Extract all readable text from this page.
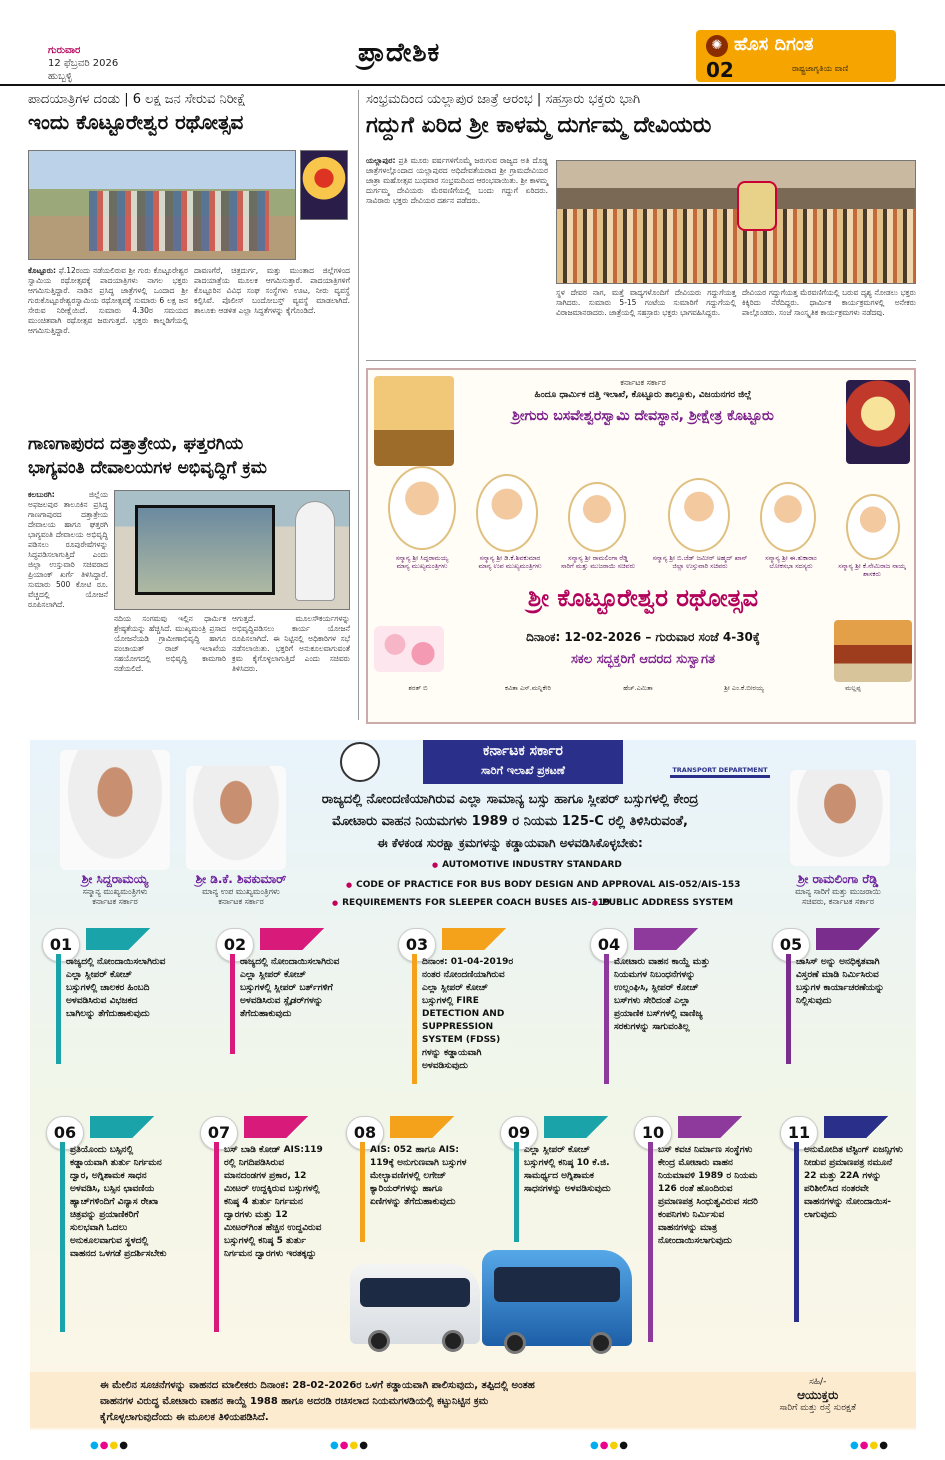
ಗುರುವಾರ
12 ಫೆಬ್ರವರಿ 2026
ಹುಬ್ಬಳ್ಳಿ
ಪ್ರಾದೇಶಿಕ	✺ ಹೊಸ ದಿಗಂತ
02	ರಾಷ್ಟ್ರಜಾಗೃತಿಯ ವಾಣಿ
ಪಾದಯಾತ್ರಿಗಳ ದಂಡು | 6 ಲಕ್ಷ ಜನ ಸೇರುವ ನಿರೀಕ್ಷೆ
ಇಂದು ಕೊಟ್ಟೂರೇಶ್ವರ ರಥೋತ್ಸವ
ಕೊಟ್ಟೂರು: ಫೆ.12ರಂದು ನಡೆಯಲಿರುವ ಶ್ರೀ ಗುರು ಕೊಟ್ಟೂರೇಶ್ವರ ಸ್ವಾಮಿಯ ರಥೋತ್ಸವಕ್ಕೆ ಪಾದಯಾತ್ರಿಗಳು ನಾಗಲ ಭಕ್ತರು ಆಗಮಿಸುತ್ತಿದ್ದಾರೆ. ನಾಡಿನ ಪ್ರಸಿದ್ಧ ಜಾತ್ರೆಗಳಲ್ಲಿ ಒಂದಾದ ಶ್ರೀ ಗುರುಕೊಟ್ಟೂರೇಶ್ವರಸ್ವಾಮಿಯ ರಥೋತ್ಸವಕ್ಕೆ ಸುಮಾರು 6 ಲಕ್ಷ ಜನ ಸೇರುವ ನಿರೀಕ್ಷೆಯಿದೆ. ಸುಮಾರು 4.30ರ ಸಮಯದ ಮುಂಚಿತವಾಗಿ ರಥೋತ್ಸವ ಜರುಗುತ್ತದೆ. ಭಕ್ತರು ಕಾಲ್ನಡಿಗೆಯಲ್ಲಿ ಆಗಮಿಸುತ್ತಿದ್ದಾರೆ.
ದಾವಣಗೆರೆ, ಚಿತ್ರದುರ್ಗ, ಮತ್ತು ಮುಂತಾದ ಜಿಲ್ಲೆಗಳಿಂದ ಪಾದಯಾತ್ರೆಯ ಮೂಲಕ ಆಗಮಿಸುತ್ತಾರೆ. ಪಾದಯಾತ್ರಿಗಳಿಗೆ ಕೊಟ್ಟೂರಿನ ವಿವಿಧ ಸಂಘ ಸಂಸ್ಥೆಗಳು ಊಟ, ನೀರು ವ್ಯವಸ್ಥೆ ಕಲ್ಪಿಸಿವೆ. ಪೊಲೀಸ್ ಬಂದೋಬಸ್ತ್ ವ್ಯವಸ್ಥೆ ಮಾಡಲಾಗಿದೆ. ತಾಲೂಕು ಆಡಳಿತ ಎಲ್ಲಾ ಸಿದ್ಧತೆಗಳನ್ನು ಕೈಗೊಂಡಿದೆ.
ಸಂಭ್ರಮದಿಂದ ಯಲ್ಲಾಪುರ ಜಾತ್ರೆ ಆರಂಭ | ಸಹಸ್ರಾರು ಭಕ್ತರು ಭಾಗಿ
ಗದ್ದುಗೆ ಏರಿದ ಶ್ರೀ ಕಾಳಮ್ಮ ದುರ್ಗಮ್ಮ ದೇವಿಯರು
ಯಲ್ಲಾಪುರ: ಪ್ರತಿ ಮೂರು ವರ್ಷಗಳಿಗೊಮ್ಮೆ ಜರುಗುವ ರಾಜ್ಯದ ಅತಿ ದೊಡ್ಡ ಜಾತ್ರೆಗಳಲ್ಲೊಂದಾದ ಯಲ್ಲಾಪುರದ ಅಧಿದೇವತೆಯರಾದ ಶ್ರೀ ಗ್ರಾಮದೇವಿಯರ ಜಾತ್ರಾ ಮಹೋತ್ಸವ ಬುಧವಾರ ಸಂಭ್ರಮದಿಂದ ಆರಂಭವಾಯಿತು. ಶ್ರೀ ಕಾಳಮ್ಮ ದುರ್ಗಮ್ಮ ದೇವಿಯರು ಮೆರವಣಿಗೆಯಲ್ಲಿ ಬಂದು ಗದ್ದುಗೆ ಏರಿದರು. ಸಾವಿರಾರು ಭಕ್ತರು ದೇವಿಯರ ದರ್ಶನ ಪಡೆದರು.
ಸ್ಥಳ ದೇವರ ನಾಗ, ಮತ್ತೆ ವಾದ್ಯಗಳೊಂದಿಗೆ ದೇವಿಯರು ಗದ್ದುಗೆಯತ್ತ ಸಾಗಿದರು. ಸುಮಾರು 5-15 ಗಂಟೆಯ ಸುಮಾರಿಗೆ ಗದ್ದುಗೆಯಲ್ಲಿ ವಿರಾಜಮಾನರಾದರು. ಜಾತ್ರೆಯಲ್ಲಿ ಸಹಸ್ರಾರು ಭಕ್ತರು ಭಾಗವಹಿಸಿದ್ದರು.
ದೇವಿಯರ ಗದ್ದುಗೆಯತ್ತ ಮೆರವಣಿಗೆಯಲ್ಲಿ ಬರುವ ದೃಶ್ಯ ನೋಡಲು ಭಕ್ತರು ಕಿಕ್ಕಿರಿದು ನೆರೆದಿದ್ದರು. ಧಾರ್ಮಿಕ ಕಾರ್ಯಕ್ರಮಗಳಲ್ಲಿ ಅನೇಕರು ಪಾಲ್ಗೊಂಡರು. ಸಂಜೆ ಸಾಂಸ್ಕೃತಿಕ ಕಾರ್ಯಕ್ರಮಗಳು ನಡೆದವು.
ಗಾಣಗಾಪುರದ ದತ್ತಾತ್ರೇಯ, ಘತ್ತರಗಿಯ
ಭಾಗ್ಯವಂತಿ ದೇವಾಲಯಗಳ ಅಭಿವೃದ್ಧಿಗೆ ಕ್ರಮ
ಕಲಬುರಗಿ:	ಜಿಲ್ಲೆಯ ಅಫಜಲಪುರ ತಾಲೂಕಿನ ಪ್ರಸಿದ್ಧ ಗಾಣಗಾಪುರದ ದತ್ತಾತ್ರೇಯ ದೇವಾಲಯ ಹಾಗೂ ಘತ್ತರಗಿ ಭಾಗ್ಯವಂತಿ ದೇವಾಲಯ ಅಭಿವೃದ್ಧಿ ಪಡಿಸಲು ರೂಪುರೇಷೆಗಳನ್ನು ಸಿದ್ಧಪಡಿಸಲಾಗುತ್ತಿದೆ ಎಂದು ಜಿಲ್ಲಾ ಉಸ್ತುವಾರಿ ಸಚಿವರಾದ ಪ್ರಿಯಾಂಕ್ ಖರ್ಗೆ ತಿಳಿಸಿದ್ದಾರೆ. ಸುಮಾರು 500 ಕೋಟಿ ರೂ. ವೆಚ್ಚದಲ್ಲಿ ಯೋಜನೆ ರೂಪಿಸಲಾಗಿದೆ.
ನದಿಯ ಸಂಗಮವು ಇಲ್ಲಿನ ಧಾರ್ಮಿಕ ಶ್ರೇಷ್ಠತೆಯನ್ನು ಹೆಚ್ಚಿಸಿದೆ. ಮುಖ್ಯಮಂತ್ರಿ ಪ್ರಸಾದ ಯೋಜನೆಯಡಿ ಗ್ರಾಮೀಣಾಭಿವೃದ್ಧಿ ಹಾಗೂ ಪಂಚಾಯತ್ ರಾಜ್ ಇಲಾಖೆಯ ಸಹಯೋಗದಲ್ಲಿ ಅಭಿವೃದ್ಧಿ ಕಾಮಗಾರಿ ನಡೆಯಲಿದೆ.
ಆಗುತ್ತದೆ. ಮೂಲಸೌಕರ್ಯಗಳನ್ನು ಅಭಿವೃದ್ಧಿಪಡಿಸಲು ಕಾರ್ಯ ಯೋಜನೆ ರೂಪಿಸಲಾಗಿದೆ. ಈ ನಿಟ್ಟಿನಲ್ಲಿ ಅಧಿಕಾರಿಗಳ ಸಭೆ ನಡೆಸಲಾಯಿತು. ಭಕ್ತರಿಗೆ ಅನುಕೂಲವಾಗುವಂತೆ ಕ್ರಮ ಕೈಗೊಳ್ಳಲಾಗುತ್ತಿದೆ ಎಂದು ಸಚಿವರು ತಿಳಿಸಿದರು.
ಕರ್ನಾಟಕ ಸರ್ಕಾರ
ಹಿಂದೂ ಧಾರ್ಮಿಕ ದತ್ತಿ ಇಲಾಖೆ, ಕೊಟ್ಟೂರು ತಾಲ್ಲೂಕು, ವಿಜಯನಗರ ಜಿಲ್ಲೆ
ಶ್ರೀಗುರು ಬಸವೇಶ್ವರಸ್ವಾಮಿ ದೇವಸ್ಥಾನ, ಶ್ರೀಕ್ಷೇತ್ರ ಕೊಟ್ಟೂರು
ಸನ್ಮಾನ್ಯ ಶ್ರೀ ಸಿದ್ದರಾಮಯ್ಯ
ಮಾನ್ಯ ಮುಖ್ಯಮಂತ್ರಿಗಳು
ಸನ್ಮಾನ್ಯ ಶ್ರೀ ಡಿ.ಕೆ.ಶಿವಕುಮಾರ
ಮಾನ್ಯ ಉಪ ಮುಖ್ಯಮಂತ್ರಿಗಳು
ಸನ್ಮಾನ್ಯ ಶ್ರೀ ರಾಮಲಿಂಗಾ ರೆಡ್ಡಿ
ಸಾರಿಗೆ ಮತ್ತು ಮುಜರಾಯಿ ಸಚಿವರು
ಸನ್ಮಾನ್ಯ ಶ್ರೀ ಬಿ.ಜೆಡ್ ಜಮೀರ್ ಅಹ್ಮದ್ ಖಾನ್
ಜಿಲ್ಲಾ ಉಸ್ತುವಾರಿ ಸಚಿವರು
ಸನ್ಮಾನ್ಯ ಶ್ರೀ ಈ.ತುಕಾರಾಂ
ಲೋಕಸಭಾ ಸದಸ್ಯರು	ಸನ್ಮಾನ್ಯ ಶ್ರೀ ಕೆ.ನೇಮಿರಾಜ ನಾಯ್ಕ
ಶಾಸಕರು
ಶ್ರೀ ಕೊಟ್ಟೂರೇಶ್ವರ ರಥೋತ್ಸವ
ದಿನಾಂಕ: 12-02-2026 – ಗುರುವಾರ ಸಂಜೆ 4-30ಕ್ಕೆ
ಸಕಲ ಸದ್ಭಕ್ತರಿಗೆ ಆದರದ ಸುಸ್ವಾಗತ
ಶರತ್ ಬಿ	ಕವಿತಾ ಎಸ್.ಮನ್ನಿಕೇರಿ	ಹೆಚ್.ಎಮಿತಾ	ಶ್ರೀ ಎಂ.ಕೆ.ಬೀರಯ್ಯ	ಮಲ್ಲಪ್ಪ
ಕರ್ನಾಟಕ ಸರ್ಕಾರ
ಸಾರಿಗೆ ಇಲಾಖೆ ಪ್ರಕಟಣೆ	TRANSPORT DEPARTMENT
ರಾಜ್ಯದಲ್ಲಿ ನೋಂದಣಿಯಾಗಿರುವ ಎಲ್ಲಾ ಸಾಮಾನ್ಯ ಬಸ್ಸು ಹಾಗೂ ಸ್ಲೀಪರ್ ಬಸ್ಸುಗಳಲ್ಲಿ ಕೇಂದ್ರ
ಮೋಟಾರು ವಾಹನ ನಿಯಮಗಳು 1989 ರ ನಿಯಮ 125-C ರಲ್ಲಿ ತಿಳಿಸಿರುವಂತೆ,
ಈ ಕೆಳಕಂಡ ಸುರಕ್ಷಾ ಕ್ರಮಗಳನ್ನು ಕಡ್ಡಾಯವಾಗಿ ಅಳವಡಿಸಿಕೊಳ್ಳಬೇಕು:
● AUTOMOTIVE INDUSTRY STANDARD
● CODE OF PRACTICE FOR BUS BODY DESIGN AND APPROVAL AIS-052/AIS-153
● REQUIREMENTS FOR SLEEPER COACH BUSES AIS-119
● PUBLIC ADDRESS SYSTEM
ಶ್ರೀ ಸಿದ್ದರಾಮಯ್ಯ
ಸನ್ಮಾನ್ಯ ಮುಖ್ಯಮಂತ್ರಿಗಳು
ಕರ್ನಾಟಕ ಸರ್ಕಾರ
ಶ್ರೀ ಡಿ.ಕೆ. ಶಿವಕುಮಾರ್
ಮಾನ್ಯ ಉಪ ಮುಖ್ಯಮಂತ್ರಿಗಳು
ಕರ್ನಾಟಕ ಸರ್ಕಾರ
ಶ್ರೀ ರಾಮಲಿಂಗಾ ರೆಡ್ಡಿ
ಮಾನ್ಯ ಸಾರಿಗೆ ಮತ್ತು ಮುಜರಾಯಿ
ಸಚಿವರು, ಕರ್ನಾಟಕ ಸರ್ಕಾರ
01
ರಾಜ್ಯದಲ್ಲಿ ನೋಂದಾಯಿಸಲಾಗಿರುವ ಎಲ್ಲಾ ಸ್ಲೀಪರ್ ಕೋಚ್ ಬಸ್ಸುಗಳಲ್ಲಿ ಚಾಲಕರ ಹಿಂಬದಿ ಅಳವಡಿಸಿರುವ ವಿಭಜಕದ ಬಾಗಿಲನ್ನು ತೆಗೆದುಹಾಕುವುದು
02
ರಾಜ್ಯದಲ್ಲಿ ನೋಂದಾಯಿಸಲಾಗಿರುವ ಎಲ್ಲಾ ಸ್ಲೀಪರ್ ಕೋಚ್ ಬಸ್ಸುಗಳಲ್ಲಿ ಸ್ಲೀಪರ್ ಬರ್ತ್‌ಗಳಿಗೆ ಅಳವಡಿಸಿರುವ ಸ್ಲೈಡರ್‌ಗಳನ್ನು ತೆಗೆದುಹಾಕುವುದು
03
ದಿನಾಂಕ: 01-04-2019ರ ನಂತರ ನೋಂದಣಿಯಾಗಿರುವ ಎಲ್ಲಾ ಸ್ಲೀಪರ್ ಕೋಚ್ ಬಸ್ಸುಗಳಲ್ಲಿ FIRE DETECTION AND SUPPRESSION SYSTEM (FDSS) ಗಳನ್ನು ಕಡ್ಡಾಯವಾಗಿ ಅಳವಡಿಸುವುದು
04
ಮೋಟಾರು ವಾಹನ ಕಾಯ್ದೆ ಮತ್ತು ನಿಯಮಗಳ ನಿಬಂಧನೆಗಳನ್ನು ಉಲ್ಲಂಘಿಸಿ, ಸ್ಲೀಪರ್ ಕೋಚ್ ಬಸ್‌ಗಳು ಸೇರಿದಂತೆ ಎಲ್ಲಾ ಪ್ರಯಾಣಿಕ ಬಸ್‌ಗಳಲ್ಲಿ ವಾಣಿಜ್ಯ ಸರಕುಗಳನ್ನು ಸಾಗುವಂತಿಲ್ಲ
05
ಚಾಸಿಸ್ ಅನ್ನು ಅನಧಿಕೃತವಾಗಿ ವಿಸ್ತರಣೆ ಮಾಡಿ ನಿರ್ಮಿಸಿರುವ ಬಸ್ಸುಗಳ ಕಾರ್ಯಾಚರಣೆಯನ್ನು ನಿಲ್ಲಿಸುವುದು
06
ಪ್ರತಿಯೊಂದು ಬಸ್ಸಿನಲ್ಲಿ ಕಡ್ಡಾಯವಾಗಿ ತುರ್ತು ನಿರ್ಗಮನ ದ್ವಾರ, ಅಗ್ನಿಶಾಮಕ ಸಾಧನ ಅಳವಡಿಸಿ, ಬಸ್ಸಿನ ಛಾವಣಿಯ ಹ್ಯಾಚ್‌ಗಳಿಂದಿಗೆ ವಿನ್ಯಾಸ ರೇಖಾ ಚಿತ್ರವನ್ನು ಪ್ರಯಾಣಿಕರಿಗೆ ಸುಲಭವಾಗಿ ಓದಲು ಅನುಕೂಲವಾಗುವ ಸ್ಥಳದಲ್ಲಿ ವಾಹನದ ಒಳಗಡೆ ಪ್ರದರ್ಶಿಸಬೇಕು
07
ಬಸ್ ಬಾಡಿ ಕೋಡ್ AIS:119 ರಲ್ಲಿ ನಿಗದಿಪಡಿಸಿರುವ ಮಾನದಂಡಗಳ ಪ್ರಕಾರ, 12 ಮೀಟರ್ ಉದ್ದಕ್ಕಿರುವ ಬಸ್ಸುಗಳಲ್ಲಿ ಕನಿಷ್ಠ 4 ತುರ್ತು ನಿರ್ಗಮನ ದ್ವಾರಗಳು ಮತ್ತು 12 ಮೀಟರ್‌ಗಿಂತ ಹೆಚ್ಚಿನ ಉದ್ದವಿರುವ ಬಸ್ಸುಗಳಲ್ಲಿ ಕನಿಷ್ಠ 5 ತುರ್ತು ನಿರ್ಗಮನ ದ್ವಾರಗಳು ಇರತಕ್ಕದ್ದು
08
AIS: 052 ಹಾಗೂ AIS: 119ಕ್ಕೆ ಅನುಗುಣವಾಗಿ ಬಸ್ಸುಗಳ ಮೇಲ್ಭಾವಣಿಗಳಲ್ಲಿ ಲಗೇಜ್ ಕ್ಯಾರಿಯರ್‌ಗಳನ್ನು ಹಾಗೂ ಏಣಿಗಳನ್ನು ತೆಗೆದುಹಾಕುವುದು
09
ಎಲ್ಲಾ ಸ್ಲೀಪರ್ ಕೋಚ್ ಬಸ್ಸುಗಳಲ್ಲಿ ಕನಿಷ್ಠ 10 ಕೆ.ಜಿ. ಸಾಮರ್ಥ್ಯದ ಅಗ್ನಿಶಾಮಕ ಸಾಧನಗಳನ್ನು ಅಳವಡಿಸುವುದು
10
ಬಸ್ ಕವಚ ನಿರ್ಮಾಣ ಸಂಸ್ಥೆಗಳು ಕೇಂದ್ರ ಮೋಟಾರು ವಾಹನ ನಿಯಮಾವಳಿ 1989 ರ ನಿಯಮ 126 ರಂತೆ ಹೊಂದಿರುವ ಪ್ರಮಾಣಪತ್ರ ಸಿಂಧುತ್ವವಿರುವ ಸದರಿ ಕಂಪನಿಗಳು ನಿರ್ಮಿಸುವ ವಾಹನಗಳನ್ನು ಮಾತ್ರ ನೋಂದಾಯಿಸಲಾಗುವುದು
11
ಅನುಮೋದಿತ ಟೆಸ್ಟಿಂಗ್ ಏಜನ್ಸಿಗಳು ನೀಡುವ ಪ್ರಮಾಣಪತ್ರ ನಮೂನೆ 22 ಮತ್ತು 22A ಗಳನ್ನು ಪರಿಶೀಲಿಸಿದ ನಂತರವೇ ವಾಹನಗಳನ್ನು ನೋಂದಾಯಿಸ-ಲಾಗುವುದು
ಈ ಮೇಲಿನ ಸೂಚನೆಗಳನ್ನು ವಾಹನದ ಮಾಲೀಕರು ದಿನಾಂಕ: 28-02-2026ರ ಒಳಗೆ ಕಡ್ಡಾಯವಾಗಿ ಪಾಲಿಸುವುದು, ತಪ್ಪಿದಲ್ಲಿ ಅಂತಹ
ವಾಹನಗಳ ವಿರುದ್ಧ ಮೋಟಾರು ವಾಹನ ಕಾಯ್ದೆ 1988 ಹಾಗೂ ಅದರಡಿ ರಚಿಸಲಾದ ನಿಯಮಗಳಡಿಯಲ್ಲಿ ಕಟ್ಟುನಿಟ್ಟಿನ ಕ್ರಮ
ಕೈಗೊಳ್ಳಲಾಗುವುದೆಂದು ಈ ಮೂಲಕ ತಿಳಿಯಪಡಿಸಿದೆ.
ಸಹಿ/-
ಆಯುಕ್ತರು
ಸಾರಿಗೆ ಮತ್ತು ರಸ್ತೆ ಸುರಕ್ಷತೆ
●●●●	●●●●	●●●●	●●●●
